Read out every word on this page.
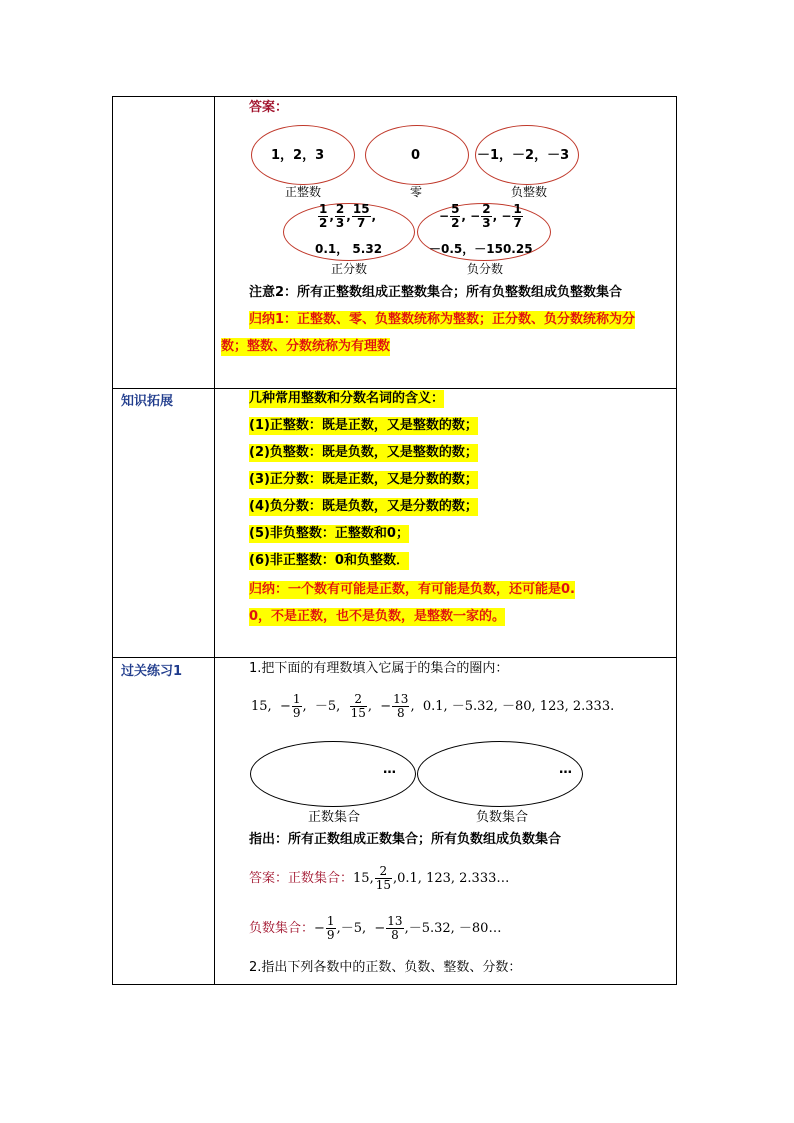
答案：
1，2，3	0	－1，－2，－3
正整数	零	负整数
$\frac{1}{2}$ , $\frac{2}{3}$ , $\frac{15}{7}$ ,
0.1， 5.32
− $\frac{5}{2}$ , − $\frac{2}{3}$ , − $\frac{1}{7}$
－0.5，－150.25
正分数	负分数
注意2：所有正整数组成正整数集合；所有负整数组成负整数集合
归纳1：正整数、零、负整数统称为整数；正分数、负分数统称为分
数；整数、分数统称为有理数
知识拓展	几种常用整数和分数名词的含义：
(1)正整数：既是正数，又是整数的数；
(2)负整数：既是负数，又是整数的数；
(3)正分数：既是正数，又是分数的数；
(4)负分数：既是负数，又是分数的数；
(5)非负整数：正整数和0；
(6)非正整数：0和负整数．
归纳：一个数有可能是正数，有可能是负数，还可能是0.
0，不是正数，也不是负数，是整数一家的。
过关练习1	1.把下面的有理数填入它属于的集合的圈内：
15,  − $\frac{1}{9}$ ,  －5, $\frac{2}{15}$ ,  − $\frac{13}{8}$ ,  0.1, －5.32, －80, 123, 2.333.
…	…
正数集合	负数集合
指出：所有正数组成正数集合；所有负数组成负数集合
答案：正数集合：15, $\frac{2}{15} ,0.1$, 123, 2.333…
负数集合：− $\frac{1}{9} ,-5$, − $\frac{13}{8} ,-5.32$, －80…
2.指出下列各数中的正数、负数、整数、分数：
